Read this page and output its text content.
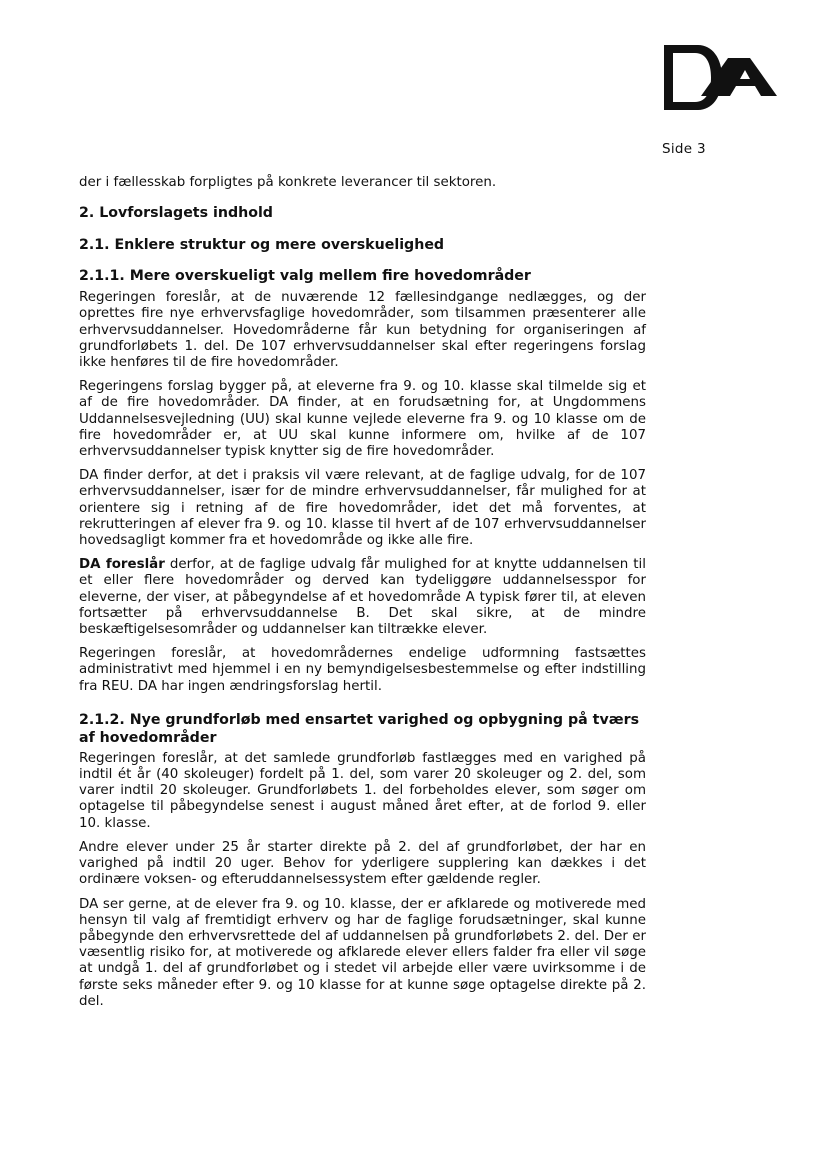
Side 3

der i fællesskab forpligtes på konkrete leverancer til sektoren.

2. Lovforslagets indhold
2.1. Enklere struktur og mere overskuelighed
2.1.1. Mere overskueligt valg mellem fire hovedområder

Regeringen foreslår, at de nuværende 12 fællesindgange nedlægges, og der oprettes fire nye erhvervsfaglige hovedområder, som tilsammen præsenterer alle erhvervsuddannelser. Hovedområderne får kun betydning for organiseringen af grundforløbets 1. del. De 107 erhvervsuddannelser skal efter regeringens forslag ikke henføres til de fire hovedområder.

Regeringens forslag bygger på, at eleverne fra 9. og 10. klasse skal tilmelde sig et af de fire hovedområder. DA finder, at en forudsætning for, at Ungdommens Uddannelsesvejledning (UU) skal kunne vejlede eleverne fra 9. og 10 klasse om de fire hovedområder er, at UU skal kunne informere om, hvilke af de 107 erhvervsuddannelser typisk knytter sig de fire hovedområder.

DA finder derfor, at det i praksis vil være relevant, at de faglige udvalg, for de 107 erhvervsuddannelser, især for de mindre erhvervsuddannelser, får mulighed for at orientere sig i retning af de fire hovedområder, idet det må forventes, at rekrutteringen af elever fra 9. og 10. klasse til hvert af de 107 erhvervsuddannelser hovedsagligt kommer fra et hovedområde og ikke alle fire.

DA foreslår derfor, at de faglige udvalg får mulighed for at knytte uddannelsen til et eller flere hovedområder og derved kan tydeliggøre uddannelsesspor for eleverne, der viser, at påbegyndelse af et hovedområde A typisk fører til, at eleven fortsætter på erhvervsuddannelse B. Det skal sikre, at de mindre beskæftigelsesområder og uddannelser kan tiltrække elever.

Regeringen foreslår, at hovedområdernes endelige udformning fastsættes administrativt med hjemmel i en ny bemyndigelsesbestemmelse og efter indstilling fra REU. DA har ingen ændringsforslag hertil.

2.1.2. Nye grundforløb med ensartet varighed og opbygning på tværs af hovedområder

Regeringen foreslår, at det samlede grundforløb fastlægges med en varighed på indtil ét år (40 skoleuger) fordelt på 1. del, som varer 20 skoleuger og 2. del, som varer indtil 20 skoleuger. Grundforløbets 1. del forbeholdes elever, som søger om optagelse til påbegyndelse senest i august måned året efter, at de forlod 9. eller 10. klasse.

Andre elever under 25 år starter direkte på 2. del af grundforløbet, der har en varighed på indtil 20 uger. Behov for yderligere supplering kan dækkes i det ordinære voksen- og efteruddannelsessystem efter gældende regler.

DA ser gerne, at de elever fra 9. og 10. klasse, der er afklarede og motiverede med hensyn til valg af fremtidigt erhverv og har de faglige forudsætninger, skal kunne påbegynde den erhvervsrettede del af uddannelsen på grundforløbets 2. del. Der er væsentlig risiko for, at motiverede og afklarede elever ellers falder fra eller vil søge at undgå 1. del af grundforløbet og i stedet vil arbejde eller være uvirksomme i de første seks måneder efter 9. og 10 klasse for at kunne søge optagelse direkte på 2. del.
